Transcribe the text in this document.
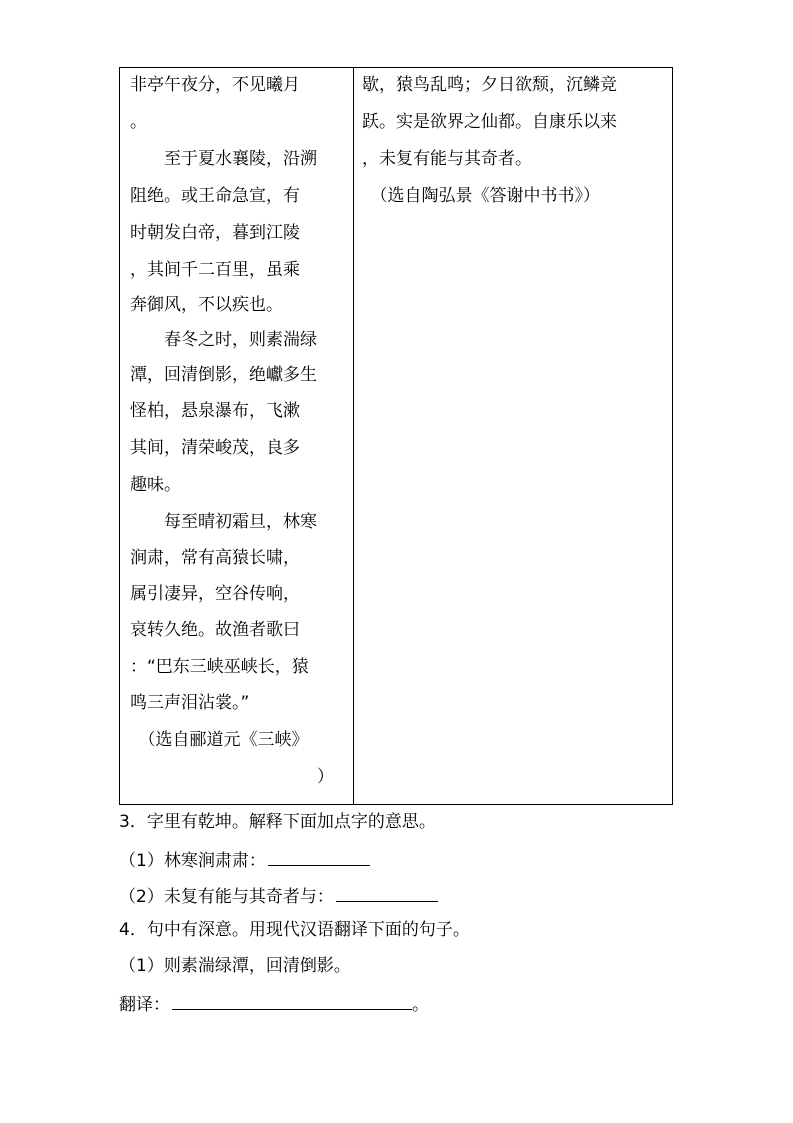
非亭午夜分，不见曦月
。
　　至于夏水襄陵，沿溯
阻绝。或王命急宣，有
时朝发白帝，暮到江陵
，其间千二百里，虽乘
奔御风，不以疾也。
　　春冬之时，则素湍绿
潭，回清倒影，绝巘多生
怪柏，悬泉瀑布，飞漱
其间，清荣峻茂，良多
趣味。
　　每至晴初霜旦，林寒
涧肃，常有高猿长啸，
属引凄异，空谷传响，
哀转久绝。故渔者歌曰
：“巴东三峡巫峡长，猿
鸣三声泪沾裳。”
　（选自郦道元《三峡》
　　　　　　　　　　　）
歇，猿鸟乱鸣；夕日欲颓，沉鳞竞
跃。实是欲界之仙都。自康乐以来
，未复有能与其奇者。
　（选自陶弘景《答谢中书书》）
3．字里有乾坤。解释下面加点字的意思。
（1）林寒涧肃肃：
（2）未复有能与其奇者与：
4．句中有深意。用现代汉语翻译下面的句子。
（1）则素湍绿潭，回清倒影。
翻译：	。
